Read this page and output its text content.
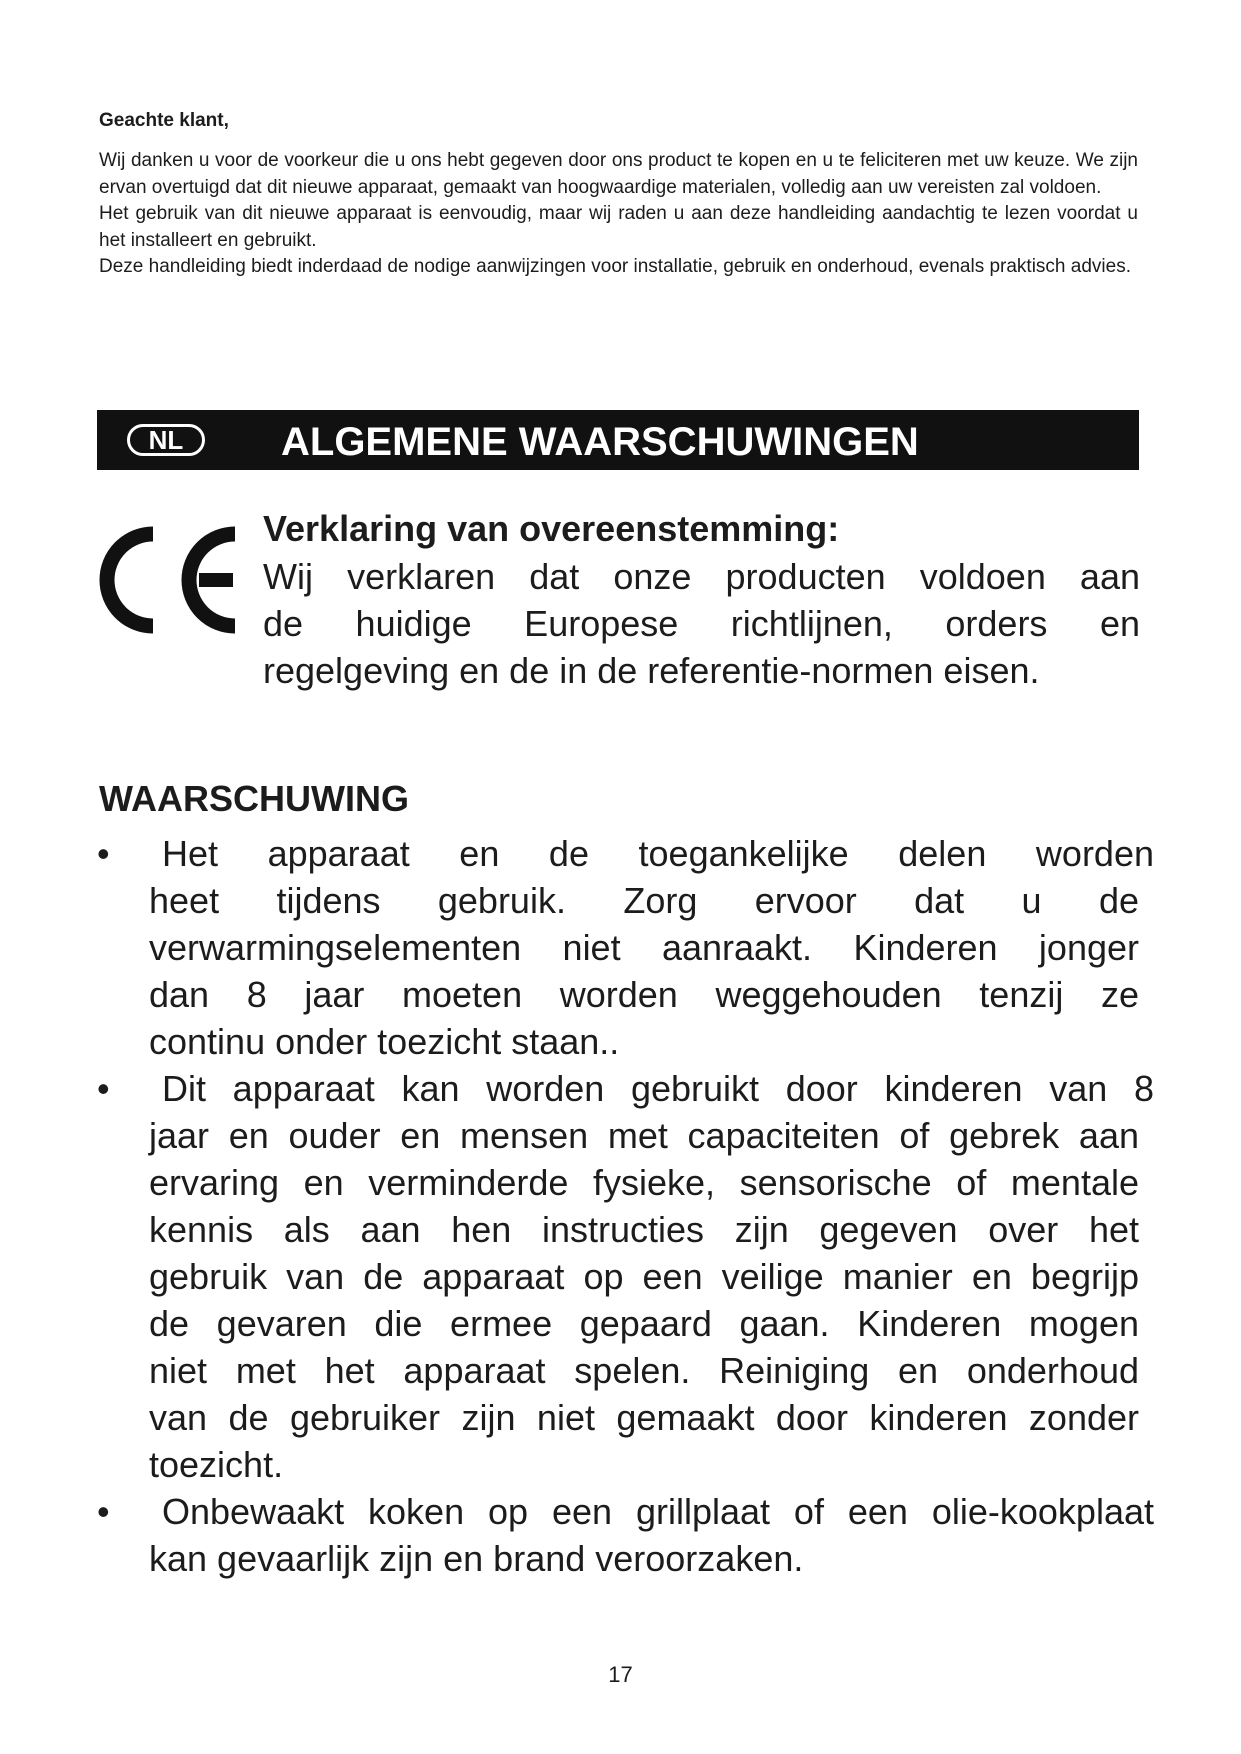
Geachte klant,

Wij danken u voor de voorkeur die u ons hebt gegeven door ons product te kopen en u te feliciteren met uw keuze. We zijn ervan overtuigd dat dit nieuwe apparaat, gemaakt van hoogwaardige materialen, volledig aan uw vereisten zal voldoen.

Het gebruik van dit nieuwe apparaat is eenvoudig, maar wij raden u aan deze handleiding aandachtig te lezen voordat u het installeert en gebruikt.

Deze handleiding biedt inderdaad de nodige aanwijzingen voor installatie, gebruik en onderhoud, evenals praktisch advies.

NL	ALGEMENE WAARSCHUWINGEN
Verklaring van overeenstemming:
Wij verklaren dat onze producten voldoen aan
de huidige Europese richtlijnen, orders en
regelgeving en de in de referentie-normen eisen.
WAARSCHUWING
•	Het apparaat en de toegankelijke delen worden
heet tijdens gebruik. Zorg ervoor dat u de
verwarmingselementen niet aanraakt. Kinderen jonger
dan 8 jaar moeten worden weggehouden tenzij ze
continu onder toezicht staan..
•	Dit apparaat kan worden gebruikt door kinderen van 8
jaar en ouder en mensen met capaciteiten of gebrek aan
ervaring en verminderde fysieke, sensorische of mentale
kennis als aan hen instructies zijn gegeven over het
gebruik van de apparaat op een veilige manier en begrijp
de gevaren die ermee gepaard gaan. Kinderen mogen
niet met het apparaat spelen. Reiniging en onderhoud
van de gebruiker zijn niet gemaakt door kinderen zonder
toezicht.
•	Onbewaakt koken op een grillplaat of een olie-kookplaat
kan gevaarlijk zijn en brand veroorzaken.
17
